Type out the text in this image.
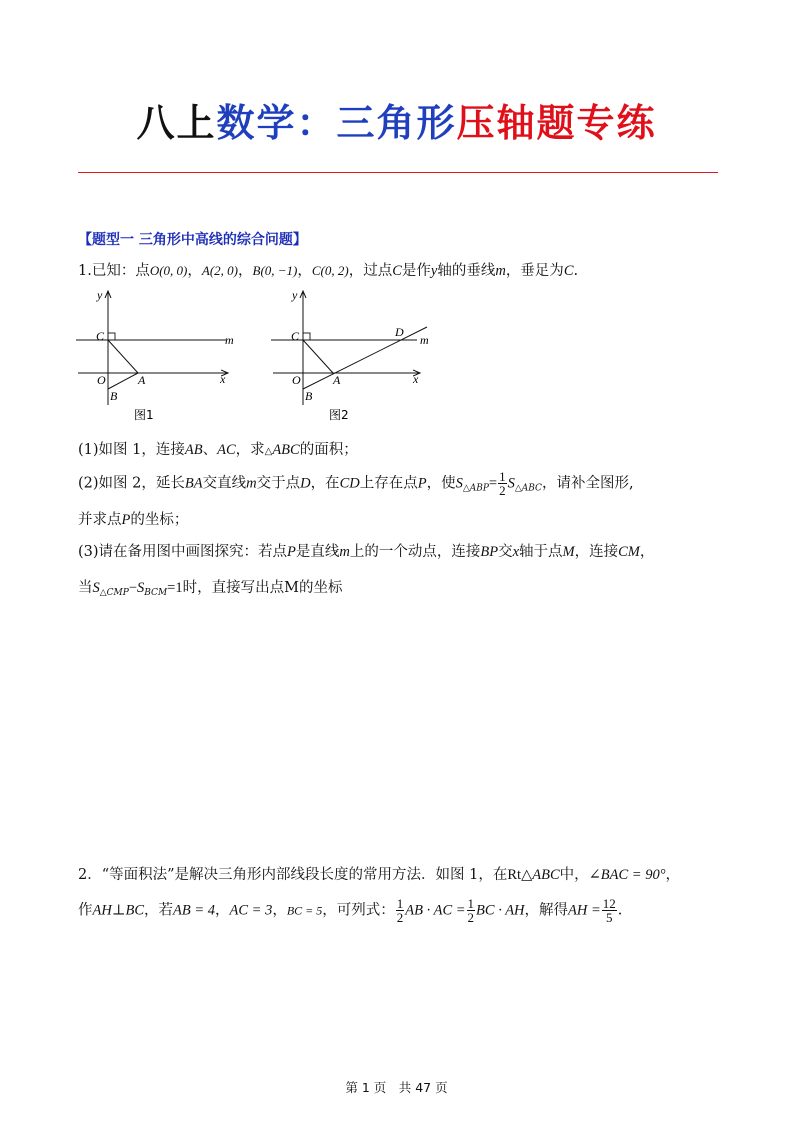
八上数学：三角形压轴题专练
【题型一 三角形中高线的综合问题】
1.已知：点O(0, 0)，A(2, 0)，B(0, −1)，C(0, 2)，过点C是作y轴的垂线m，垂足为C.
y
C
O	A
B
m
x
图1
y
C
O	A
B
D
m
x
图2
(1)如图 1，连接AB、AC，求△ABC的面积；
(2)如图 2，延长BA交直线m交于点D，在CD上存在点P，使$S_{\triangle ABP}= \frac{1}{2} S_{\triangle ABC}$，请补全图形,
并求点P的坐标；
(3)请在备用图中画图探究：若点P是直线m上的一个动点，连接BP交x轴于点M，连接CM，
当$S_{\triangle CMP}-S_{BCM}=1$时，直接写出点M的坐标
2．“等面积法”是解决三角形内部线段长度的常用方法．如图 1，在Rt△ABC中，∠BAC = 90°，
作AH⊥BC，若AB = 4，AC = 3，BC = 5，可列式： $\frac{1}{2}$ AB · AC = $\frac{1}{2}$ BC · AH，解得AH = $\frac{12}{5}$ .
第 1 页　共 47 页
